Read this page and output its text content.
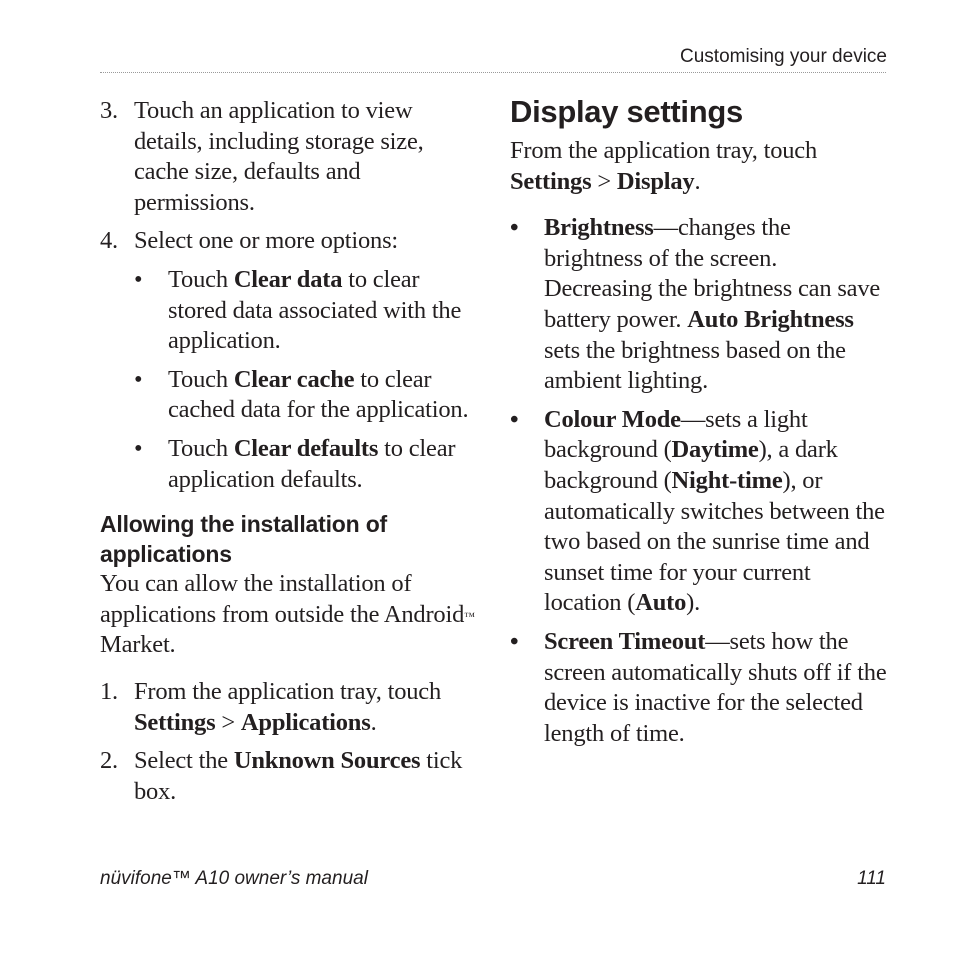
Customising your device
3. Touch an application to view details, including storage size, cache size, defaults and permissions.
4. Select one or more options:
• Touch Clear data to clear stored data associated with the application.
• Touch Clear cache to clear cached data for the application.
• Touch Clear defaults to clear application defaults.
Allowing the installation of applications
You can allow the installation of applications from outside the Android™ Market.
1. From the application tray, touch Settings > Applications.
2. Select the Unknown Sources tick box.
Display settings
From the application tray, touch Settings > Display.
• Brightness—changes the brightness of the screen. Decreasing the brightness can save battery power. Auto Brightness sets the brightness based on the ambient lighting.
• Colour Mode—sets a light background (Daytime), a dark background (Night-time), or automatically switches between the two based on the sunrise time and sunset time for your current location (Auto).
• Screen Timeout—sets how the screen automatically shuts off if the device is inactive for the selected length of time.
nüvifone™ A10 owner’s manual	111
